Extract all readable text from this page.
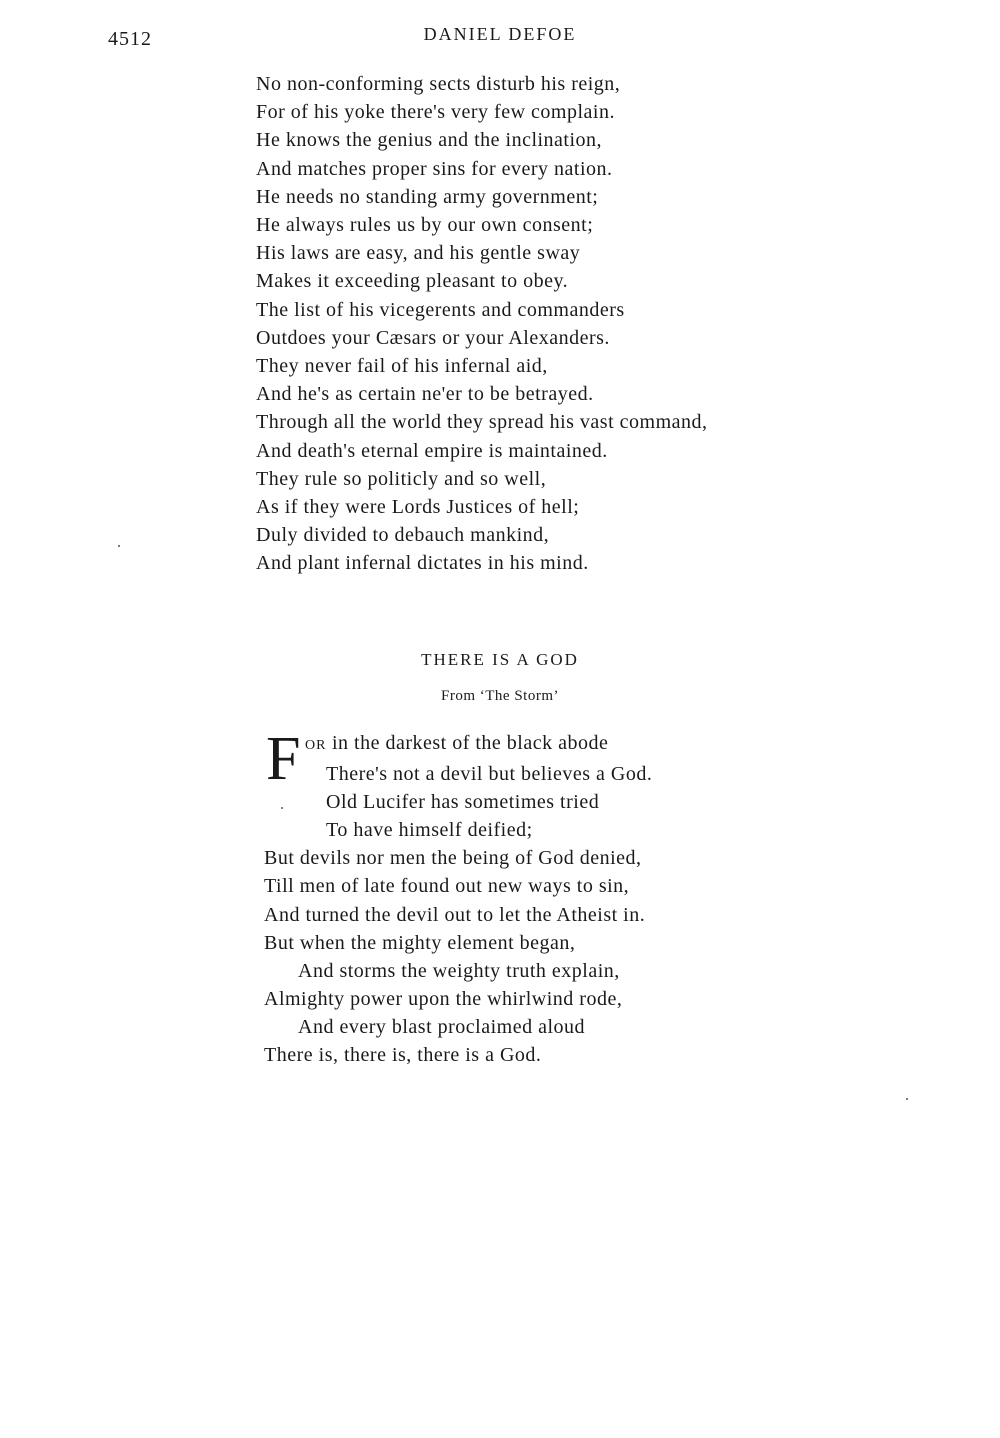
4512	DANIEL DEFOE
No non-conforming sects disturb his reign,
For of his yoke there's very few complain.
He knows the genius and the inclination,
And matches proper sins for every nation.
He needs no standing army government;
He always rules us by our own consent;
His laws are easy, and his gentle sway
Makes it exceeding pleasant to obey.
The list of his vicegerents and commanders
Outdoes your Cæsars or your Alexanders.
They never fail of his infernal aid,
And he's as certain ne'er to be betrayed.
Through all the world they spread his vast command,
And death's eternal empire is maintained.
They rule so politicly and so well,
As if they were Lords Justices of hell;
Duly divided to debauch mankind,
And plant infernal dictates in his mind.
THERE IS A GOD
From ‘The Storm’
F OR in the darkest of the black abode
There's not a devil but believes a God.
Old Lucifer has sometimes tried
To have himself deified;
But devils nor men the being of God denied,
Till men of late found out new ways to sin,
And turned the devil out to let the Atheist in.
But when the mighty element began,
And storms the weighty truth explain,
Almighty power upon the whirlwind rode,
And every blast proclaimed aloud
There is, there is, there is a God.
